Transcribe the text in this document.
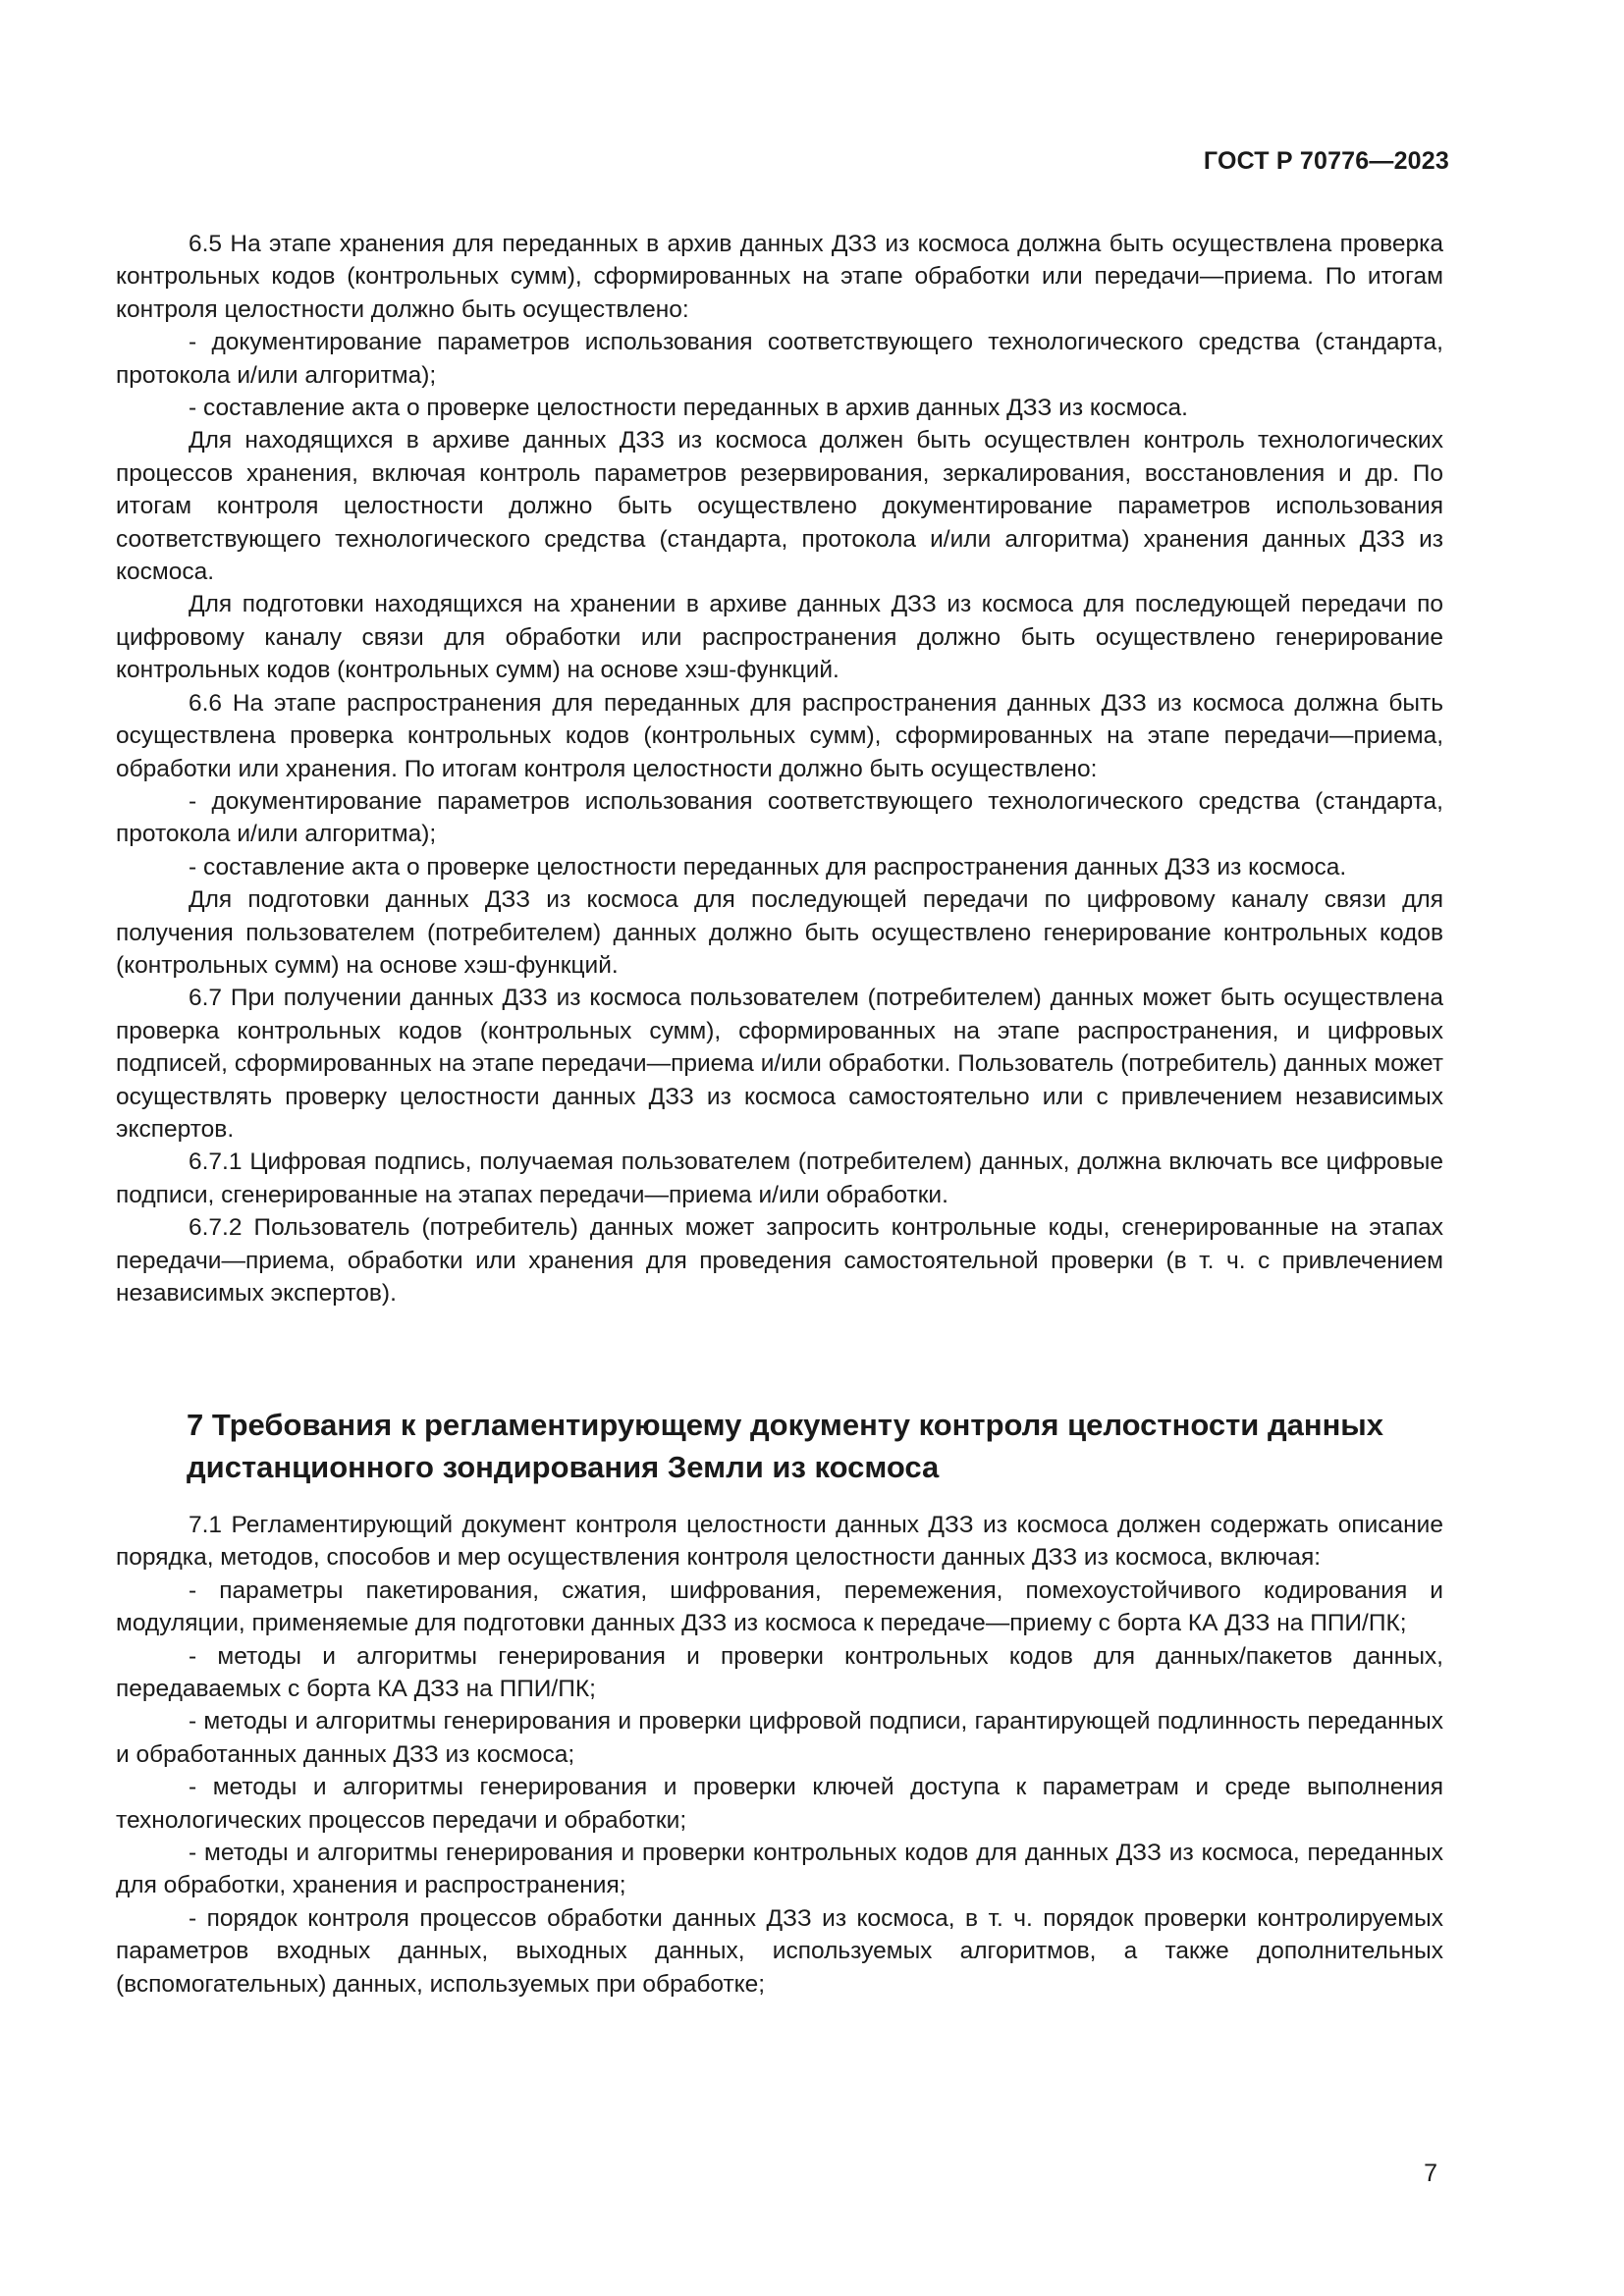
ГОСТ Р 70776—2023

6.5 На этапе хранения для переданных в архив данных ДЗЗ из космоса должна быть осуществлена проверка контрольных кодов (контрольных сумм), сформированных на этапе обработки или передачи—приема. По итогам контроля целостности должно быть осуществлено:

- документирование параметров использования соответствующего технологического средства (стандарта, протокола и/или алгоритма);

- составление акта о проверке целостности переданных в архив данных ДЗЗ из космоса.

Для находящихся в архиве данных ДЗЗ из космоса должен быть осуществлен контроль технологических процессов хранения, включая контроль параметров резервирования, зеркалирования, восстановления и др. По итогам контроля целостности должно быть осуществлено документирование параметров использования соответствующего технологического средства (стандарта, протокола и/или алгоритма) хранения данных ДЗЗ из космоса.

Для подготовки находящихся на хранении в архиве данных ДЗЗ из космоса для последующей передачи по цифровому каналу связи для обработки или распространения должно быть осуществлено генерирование контрольных кодов (контрольных сумм) на основе хэш-функций.

6.6 На этапе распространения для переданных для распространения данных ДЗЗ из космоса должна быть осуществлена проверка контрольных кодов (контрольных сумм), сформированных на этапе передачи—приема, обработки или хранения. По итогам контроля целостности должно быть осуществлено:

- документирование параметров использования соответствующего технологического средства (стандарта, протокола и/или алгоритма);

- составление акта о проверке целостности переданных для распространения данных ДЗЗ из космоса.

Для подготовки данных ДЗЗ из космоса для последующей передачи по цифровому каналу связи для получения пользователем (потребителем) данных должно быть осуществлено генерирование контрольных кодов (контрольных сумм) на основе хэш-функций.

6.7 При получении данных ДЗЗ из космоса пользователем (потребителем) данных может быть осуществлена проверка контрольных кодов (контрольных сумм), сформированных на этапе распространения, и цифровых подписей, сформированных на этапе передачи—приема и/или обработки. Пользователь (потребитель) данных может осуществлять проверку целостности данных ДЗЗ из космоса самостоятельно или с привлечением независимых экспертов.

6.7.1 Цифровая подпись, получаемая пользователем (потребителем) данных, должна включать все цифровые подписи, сгенерированные на этапах передачи—приема и/или обработки.

6.7.2 Пользователь (потребитель) данных может запросить контрольные коды, сгенерированные на этапах передачи—приема, обработки или хранения для проведения самостоятельной проверки (в т. ч. с привлечением независимых экспертов).

7 Требования к регламентирующему документу контроля целостности данных дистанционного зондирования Земли из космоса

7.1 Регламентирующий документ контроля целостности данных ДЗЗ из космоса должен содержать описание порядка, методов, способов и мер осуществления контроля целостности данных ДЗЗ из космоса, включая:

- параметры пакетирования, сжатия, шифрования, перемежения, помехоустойчивого кодирования и модуляции, применяемые для подготовки данных ДЗЗ из космоса к передаче—приему с борта КА ДЗЗ на ППИ/ПК;

- методы и алгоритмы генерирования и проверки контрольных кодов для данных/пакетов данных, передаваемых с борта КА ДЗЗ на ППИ/ПК;

- методы и алгоритмы генерирования и проверки цифровой подписи, гарантирующей подлинность переданных и обработанных данных ДЗЗ из космоса;

- методы и алгоритмы генерирования и проверки ключей доступа к параметрам и среде выполнения технологических процессов передачи и обработки;

- методы и алгоритмы генерирования и проверки контрольных кодов для данных ДЗЗ из космоса, переданных для обработки, хранения и распространения;

- порядок контроля процессов обработки данных ДЗЗ из космоса, в т. ч. порядок проверки контролируемых параметров входных данных, выходных данных, используемых алгоритмов, а также дополнительных (вспомогательных) данных, используемых при обработке;

7
